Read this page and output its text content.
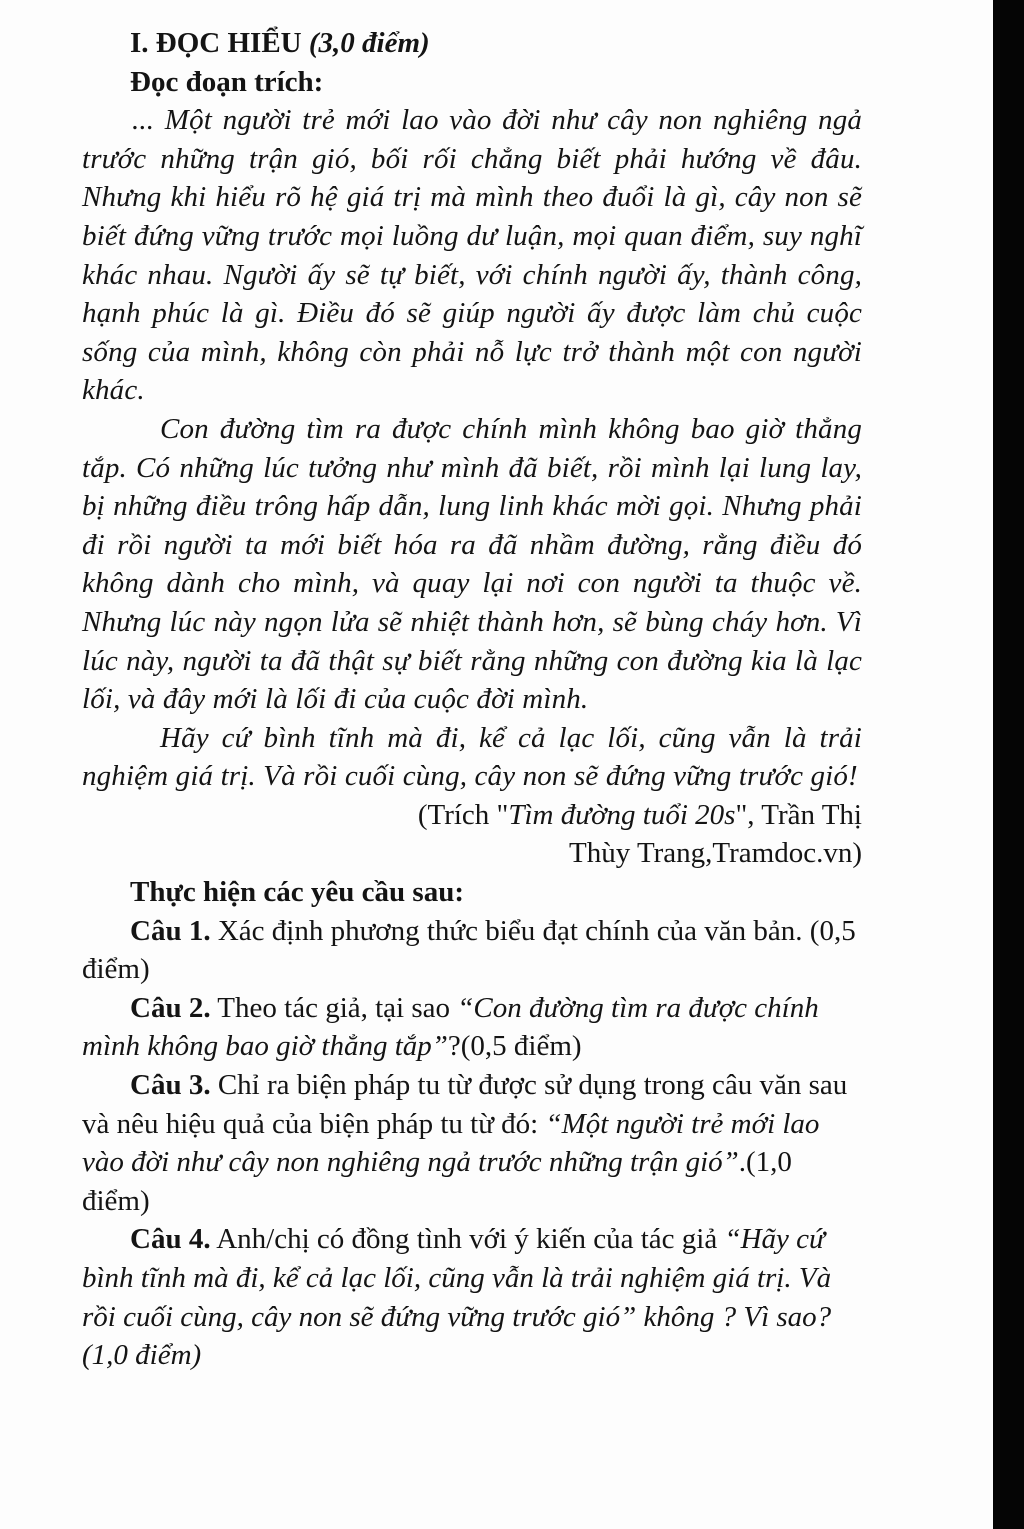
I. ĐỌC HIỂU (3,0 điểm)

Đọc đoạn trích:

... Một người trẻ mới lao vào đời như cây non nghiêng ngả trước những trận gió, bối rối chẳng biết phải hướng về đâu. Nhưng khi hiểu rõ hệ giá trị mà mình theo đuổi là gì, cây non sẽ biết đứng vững trước mọi luồng dư luận, mọi quan điểm, suy nghĩ khác nhau. Người ấy sẽ tự biết, với chính người ấy, thành công, hạnh phúc là gì. Điều đó sẽ giúp người ấy được làm chủ cuộc sống của mình, không còn phải nỗ lực trở thành một con người khác.

Con đường tìm ra được chính mình không bao giờ thẳng tắp. Có những lúc tưởng như mình đã biết, rồi mình lại lung lay, bị những điều trông hấp dẫn, lung linh khác mời gọi. Nhưng phải đi rồi người ta mới biết hóa ra đã nhầm đường, rằng điều đó không dành cho mình, và quay lại nơi con người ta thuộc về. Nhưng lúc này ngọn lửa sẽ nhiệt thành hơn, sẽ bùng cháy hơn. Vì lúc này, người ta đã thật sự biết rằng những con đường kia là lạc lối, và đây mới là lối đi của cuộc đời mình.

Hãy cứ bình tĩnh mà đi, kể cả lạc lối, cũng vẫn là trải nghiệm giá trị. Và rồi cuối cùng, cây non sẽ đứng vững trước gió!

(Trích "Tìm đường tuổi 20s", Trần Thị
Thùy Trang,Tramdoc.vn)

Thực hiện các yêu cầu sau:

Câu 1. Xác định phương thức biểu đạt chính của văn bản. (0,5 điểm)

Câu 2. Theo tác giả, tại sao “Con đường tìm ra được chính mình không bao giờ thẳng tắp”?(0,5 điểm)

Câu 3. Chỉ ra biện pháp tu từ được sử dụng trong câu văn sau và nêu hiệu quả của biện pháp tu từ đó: “Một người trẻ mới lao vào đời như cây non nghiêng ngả trước những trận gió”.(1,0 điểm)

Câu 4. Anh/chị có đồng tình với ý kiến của tác giả “Hãy cứ bình tĩnh mà đi, kể cả lạc lối, cũng vẫn là trải nghiệm giá trị. Và rồi cuối cùng, cây non sẽ đứng vững trước gió” không ? Vì sao?(1,0 điểm)
